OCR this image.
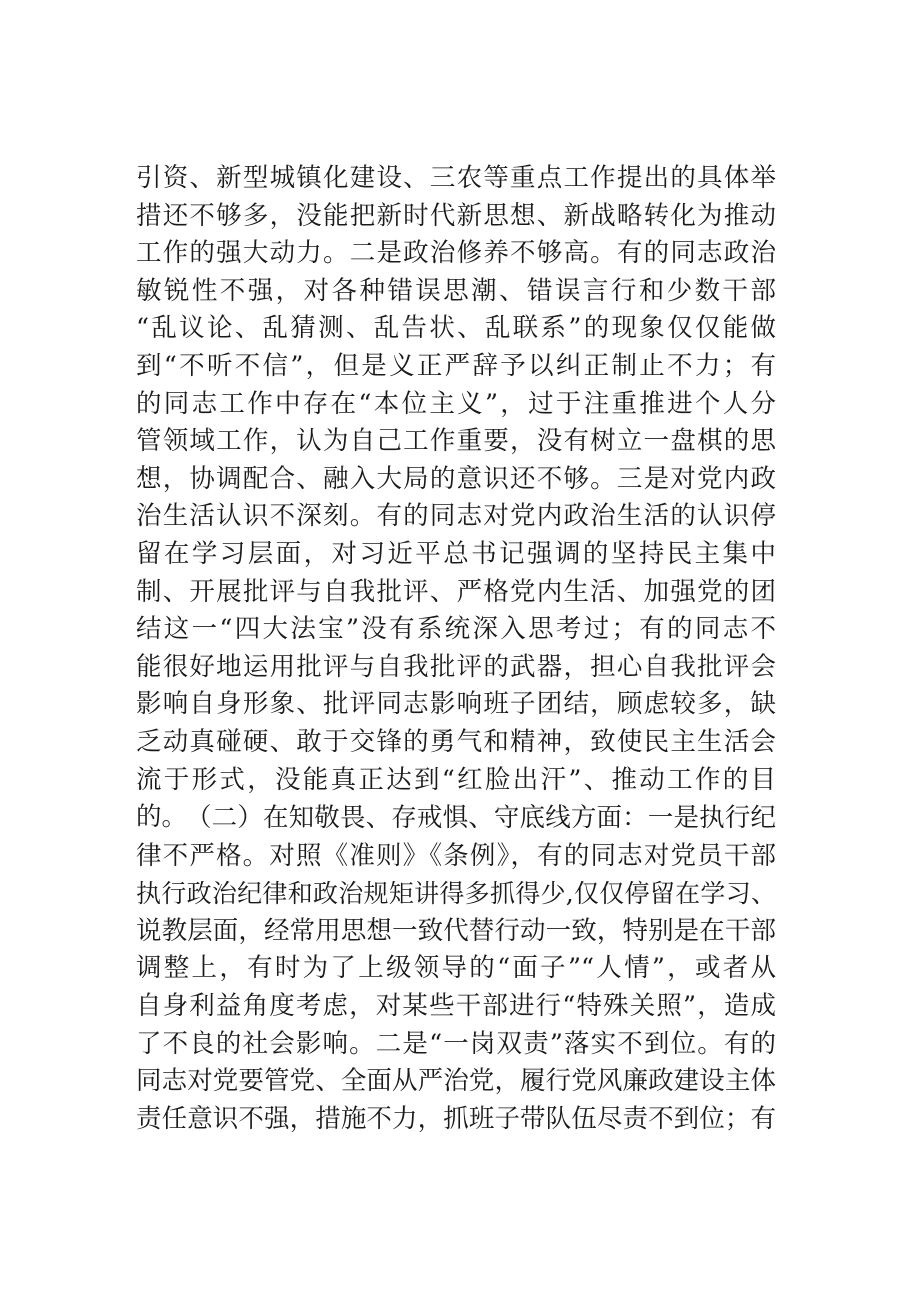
引资、新型城镇化建设、三农等重点工作提出的具体举
措还不够多，没能把新时代新思想、新战略转化为推动
工作的强大动力。二是政治修养不够高。有的同志政治
敏锐性不强，对各种错误思潮、错误言行和少数干部
“乱议论、乱猜测、乱告状、乱联系”的现象仅仅能做
到“不听不信”，但是义正严辞予以纠正制止不力；有
的同志工作中存在“本位主义”，过于注重推进个人分
管领域工作，认为自己工作重要，没有树立一盘棋的思
想，协调配合、融入大局的意识还不够。三是对党内政
治生活认识不深刻。有的同志对党内政治生活的认识停
留在学习层面，对习近平总书记强调的坚持民主集中
制、开展批评与自我批评、严格党内生活、加强党的团
结这一“四大法宝”没有系统深入思考过；有的同志不
能很好地运用批评与自我批评的武器，担心自我批评会
影响自身形象、批评同志影响班子团结，顾虑较多，缺
乏动真碰硬、敢于交锋的勇气和精神，致使民主生活会
流于形式，没能真正达到“红脸出汗”、推动工作的目
的。
（二）在知敬畏、存戒惧、守底线方面：一是执行纪
律不严格。对照《准则》《条例》，有的同志对党员干部
执行政治纪律和政治规矩讲得多抓得少,仅仅停留在学习、
说教层面，经常用思想一致代替行动一致，特别是在干部
调整上，有时为了上级领导的“面子”“人情”，或者从
自身利益角度考虑，对某些干部进行“特殊关照”，造成
了不良的社会影响。二是“一岗双责”落实不到位。有的
同志对党要管党、全面从严治党，履行党风廉政建设主体
责任意识不强，措施不力，抓班子带队伍尽责不到位；有
